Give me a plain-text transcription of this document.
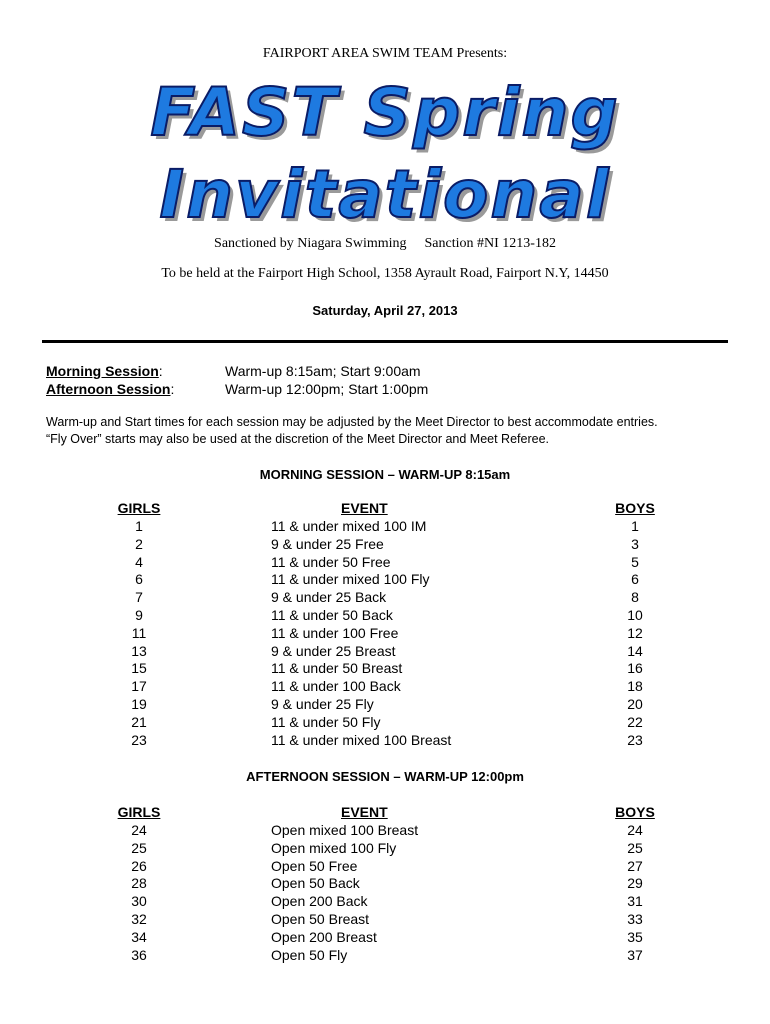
FAIRPORT AREA SWIM TEAM Presents:
FAST Spring
Invitational
Sanctioned by Niagara Swimming Sanction #NI 1213-182
To be held at the Fairport High School, 1358 Ayrault Road, Fairport N.Y, 14450
Saturday, April 27, 2013
Morning Session:	Warm-up 8:15am; Start 9:00am
Afternoon Session:	Warm-up 12:00pm; Start 1:00pm
Warm-up and Start times for each session may be adjusted by the Meet Director to best accommodate entries.
“Fly Over” starts may also be used at the discretion of the Meet Director and Meet Referee.
MORNING SESSION – WARM-UP 8:15am
GIRLS	EVENT	BOYS
1	11 & under mixed 100 IM	1
2	9 & under 25 Free	3
4	11 & under 50 Free	5
6	11 & under mixed 100 Fly	6
7	9 & under 25 Back	8
9	11 & under 50 Back	10
11	11 & under 100 Free	12
13	9 & under 25 Breast	14
15	11 & under 50 Breast	16
17	11 & under 100 Back	18
19	9 & under 25 Fly	20
21	11 & under 50 Fly	22
23	11 & under mixed 100 Breast	23
AFTERNOON SESSION – WARM-UP 12:00pm
GIRLS	EVENT	BOYS
24	Open mixed 100 Breast	24
25	Open mixed 100 Fly	25
26	Open 50 Free	27
28	Open 50 Back	29
30	Open 200 Back	31
32	Open 50 Breast	33
34	Open 200 Breast	35
36	Open 50 Fly	37
